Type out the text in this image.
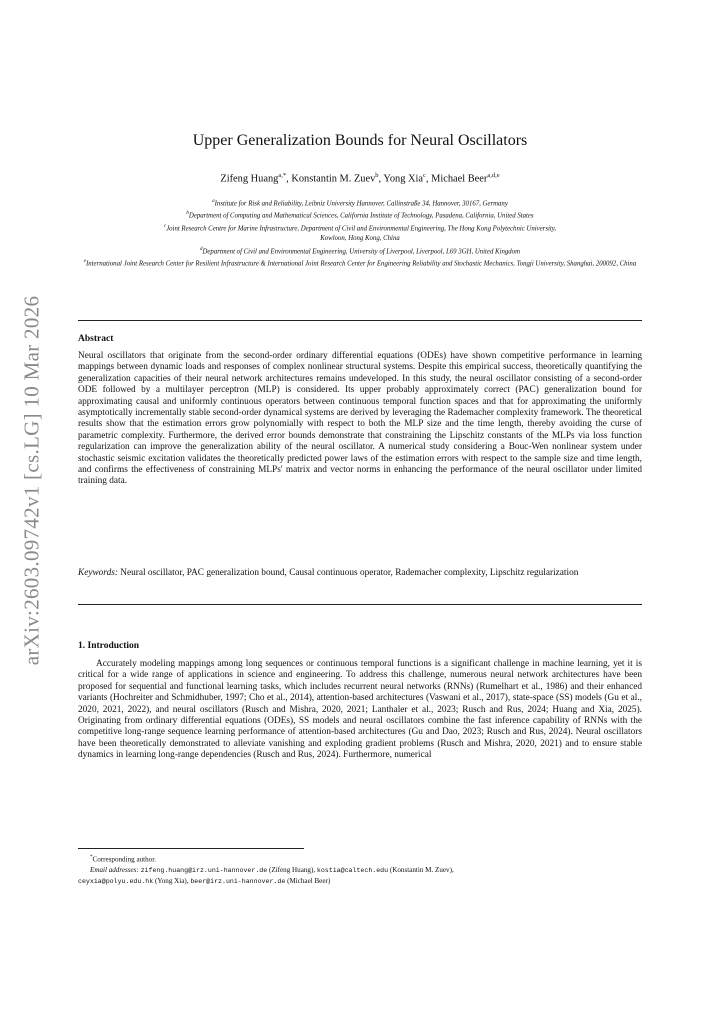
arXiv:2603.09742v1 [cs.LG] 10 Mar 2026
Upper Generalization Bounds for Neural Oscillators
Zifeng Huang$^{a,*}$, Konstantin M. Zuev$^b$, Yong Xia$^c$, Michael Beer$^{a,d,e}$
$^a$Institute for Risk and Reliability, Leibniz University Hannover, Callinstraße 34, Hannover, 30167, Germany
$^b$Department of Computing and Mathematical Sciences, California Institute of Technology, Pasadena, California, United States
$^c$Joint Research Centre for Marine Infrastructure, Department of Civil and Environmental Engineering, The Hong Kong Polytechnic University, Kowloon, Hong Kong, China
$^d$Department of Civil and Environmental Engineering, University of Liverpool, Liverpool, L69 3GH, United Kingdom
$^e$International Joint Research Center for Resilient Infrastructure & International Joint Research Center for Engineering Reliability and Stochastic Mechanics, Tongji University, Shanghai, 200092, China
Abstract
Neural oscillators that originate from the second-order ordinary differential equations (ODEs) have shown competitive performance in learning mappings between dynamic loads and responses of complex nonlinear structural systems. Despite this empirical success, theoretically quantifying the generalization capacities of their neural network architectures remains undeveloped. In this study, the neural oscillator consisting of a second-order ODE followed by a multilayer perceptron (MLP) is considered. Its upper probably approximately correct (PAC) generalization bound for approximating causal and uniformly continuous operators between continuous temporal function spaces and that for approximating the uniformly asymptotically incrementally stable second-order dynamical systems are derived by leveraging the Rademacher complexity framework. The theoretical results show that the estimation errors grow polynomially with respect to both the MLP size and the time length, thereby avoiding the curse of parametric complexity. Furthermore, the derived error bounds demonstrate that constraining the Lipschitz constants of the MLPs via loss function regularization can improve the generalization ability of the neural oscillator. A numerical study considering a Bouc-Wen nonlinear system under stochastic seismic excitation validates the theoretically predicted power laws of the estimation errors with respect to the sample size and time length, and confirms the effectiveness of constraining MLPs' matrix and vector norms in enhancing the performance of the neural oscillator under limited training data.
Keywords: Neural oscillator, PAC generalization bound, Causal continuous operator, Rademacher complexity, Lipschitz regularization
1. Introduction
Accurately modeling mappings among long sequences or continuous temporal functions is a significant challenge in machine learning, yet it is critical for a wide range of applications in science and engineering. To address this challenge, numerous neural network architectures have been proposed for sequential and functional learning tasks, which includes recurrent neural networks (RNNs) (Rumelhart et al., 1986) and their enhanced variants (Hochreiter and Schmidhuber, 1997; Cho et al., 2014), attention-based architectures (Vaswani et al., 2017), state-space (SS) models (Gu et al., 2020, 2021, 2022), and neural oscillators (Rusch and Mishra, 2020, 2021; Lanthaler et al., 2023; Rusch and Rus, 2024; Huang and Xia, 2025). Originating from ordinary differential equations (ODEs), SS models and neural oscillators combine the fast inference capability of RNNs with the competitive long-range sequence learning performance of attention-based architectures (Gu and Dao, 2023; Rusch and Rus, 2024). Neural oscillators have been theoretically demonstrated to alleviate vanishing and exploding gradient problems (Rusch and Mishra, 2020, 2021) and to ensure stable dynamics in learning long-range dependencies (Rusch and Rus, 2024). Furthermore, numerical
*Corresponding author.
Email addresses: zifeng.huang@irz.uni-hannover.de (Zifeng Huang), kostia@caltech.edu (Konstantin M. Zuev),
ceyxia@polyu.edu.hk (Yong Xia), beer@irz.uni-hannover.de (Michael Beer)
